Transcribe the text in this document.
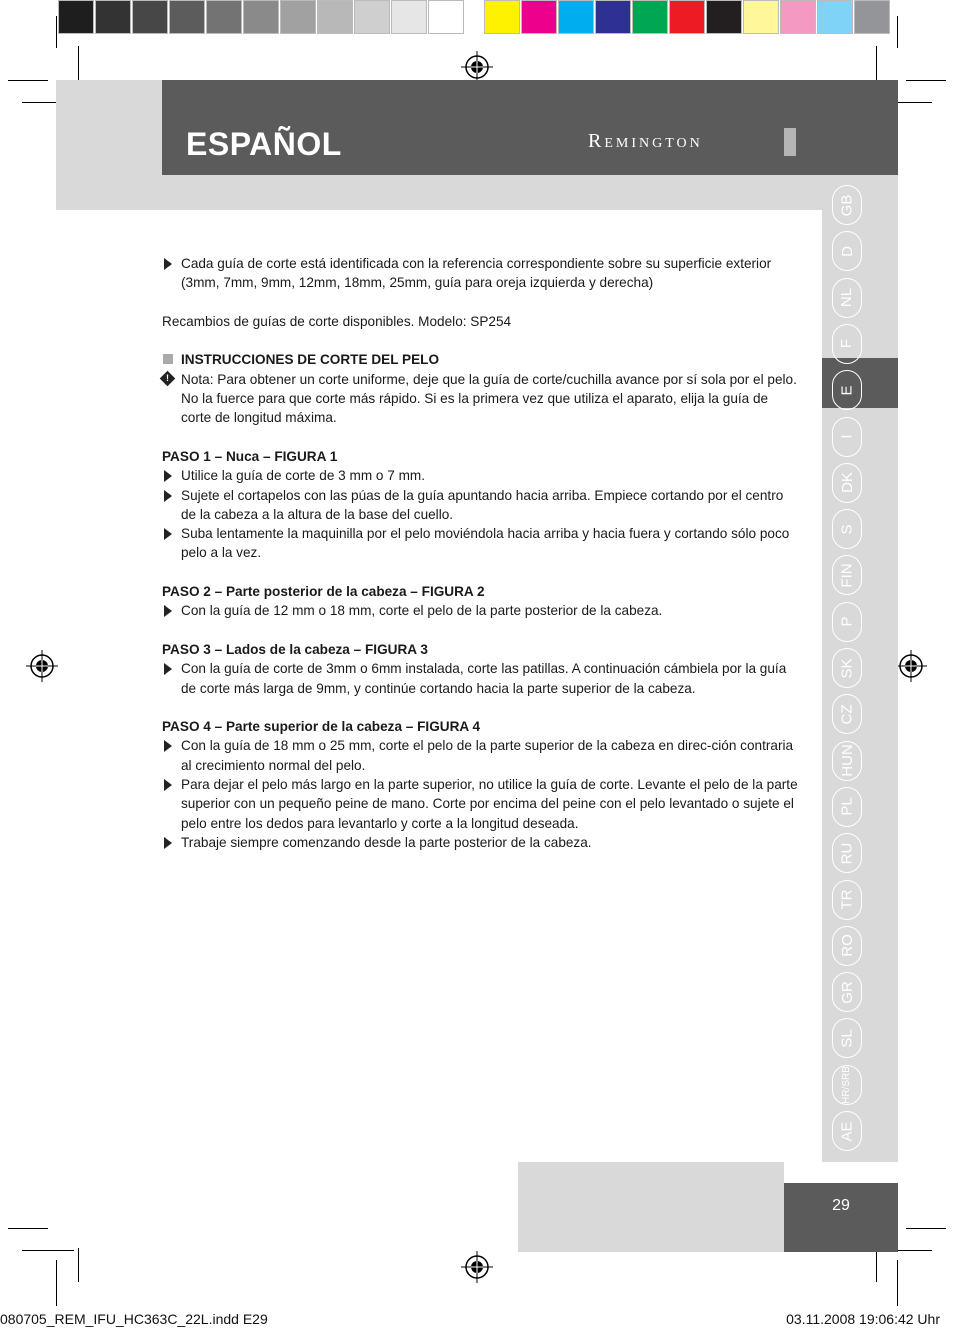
ESPAÑOL	Remington
GB
D
NL
F
E
I
DK
S
FIN
P
SK
CZ
HUN
PL
RU
TR
RO
GR
SL
HR/SRB
AE
Cada guía de corte está identificada con la referencia correspondiente sobre su superficie exterior (3mm, 7mm, 9mm, 12mm, 18mm, 25mm, guía para oreja izquierda y derecha)
Recambios de guías de corte disponibles. Modelo: SP254
INSTRUCCIONES DE CORTE DEL PELO
! Nota: Para obtener un corte uniforme, deje que la guía de corte/cuchilla avance por sí sola por el pelo. No la fuerce para que corte más rápido. Si es la primera vez que utiliza el aparato, elija la guía de corte de longitud máxima.
PASO 1 – Nuca – FIGURA 1
Utilice la guía de corte de 3 mm o 7 mm.
Sujete el cortapelos con las púas de la guía apuntando hacia arriba. Empiece cortando por el centro de la cabeza a la altura de la base del cuello.
Suba lentamente la maquinilla por el pelo moviéndola hacia arriba y hacia fuera y cortando sólo poco pelo a la vez.
PASO 2 – Parte posterior de la cabeza – FIGURA 2
Con la guía de 12 mm o 18 mm, corte el pelo de la parte posterior de la cabeza.
PASO 3 – Lados de la cabeza – FIGURA 3
Con la guía de corte de 3mm o 6mm instalada, corte las patillas. A continuación cámbiela por la guía de corte más larga de 9mm, y continúe cortando hacia la parte superior de la cabeza.
PASO 4 – Parte superior de la cabeza – FIGURA 4
Con la guía de 18 mm o 25 mm, corte el pelo de la parte superior de la cabeza en direc-ción contraria al crecimiento normal del pelo.
Para dejar el pelo más largo en la parte superior, no utilice la guía de corte. Levante el pelo de la parte superior con un pequeño peine de mano. Corte por encima del peine con el pelo levantado o sujete el pelo entre los dedos para levantarlo y corte a la longitud deseada.
Trabaje siempre comenzando desde la parte posterior de la cabeza.
29
080705_REM_IFU_HC363C_22L.indd E29	03.11.2008 19:06:42 Uhr
